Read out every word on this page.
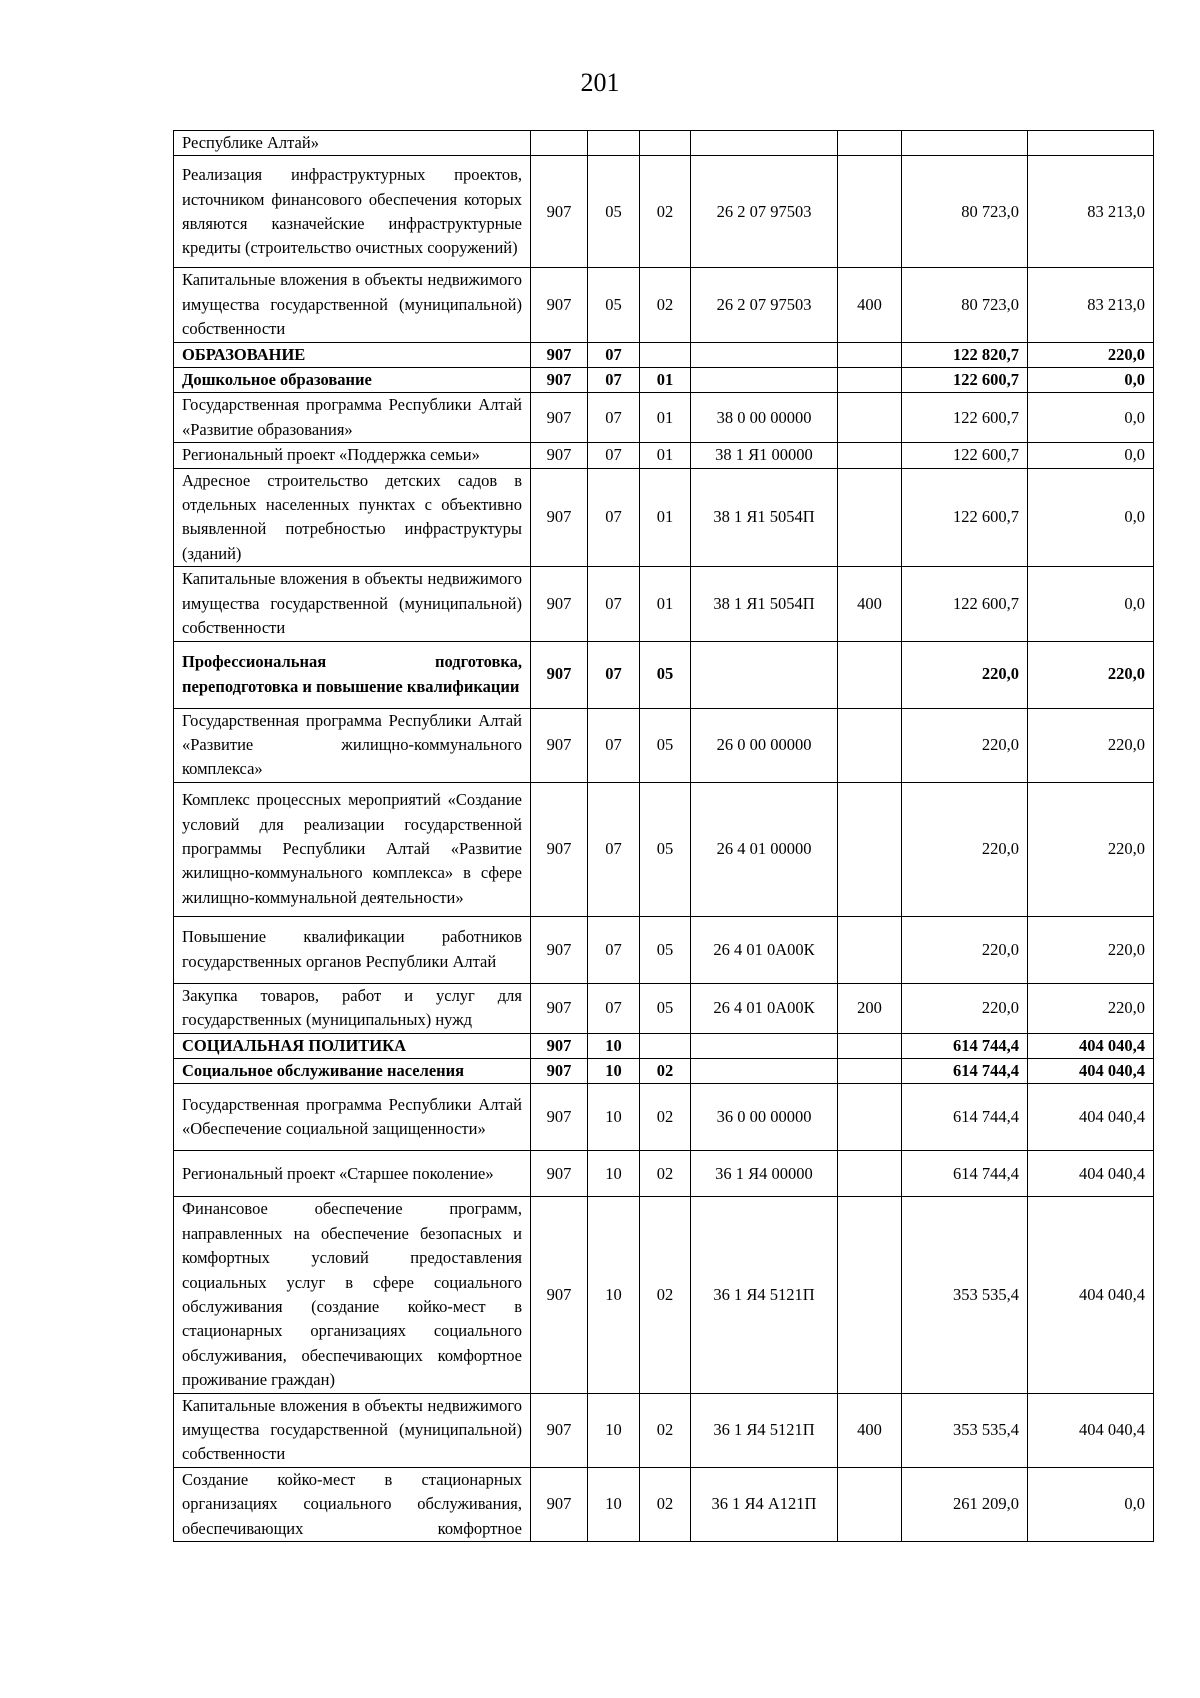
201
Республике Алтай»							
Реализация инфраструктурных проектов, источником финансового обеспечения которых являются казначейские инфраструктурные кредиты (строительство очистных сооружений)	907	05	02	26 2 07 97503		80 723,0	83 213,0
Капитальные вложения в объекты недвижимого имущества государственной (муниципальной) собственности	907	05	02	26 2 07 97503	400	80 723,0	83 213,0
ОБРАЗОВАНИЕ	907	07				122 820,7	220,0
Дошкольное образование	907	07	01			122 600,7	0,0
Государственная программа Республики Алтай «Развитие образования»	907	07	01	38 0 00 00000		122 600,7	0,0
Региональный проект «Поддержка семьи»	907	07	01	38 1 Я1 00000		122 600,7	0,0
Адресное строительство детских садов в отдельных населенных пунктах с объективно выявленной потребностью инфраструктуры (зданий)	907	07	01	38 1 Я1 5054П		122 600,7	0,0
Капитальные вложения в объекты недвижимого имущества государственной (муниципальной) собственности	907	07	01	38 1 Я1 5054П	400	122 600,7	0,0
Профессиональная подготовка, переподготовка и повышение квалификации	907	07	05			220,0	220,0
Государственная программа Республики Алтай «Развитие жилищно-коммунального комплекса»	907	07	05	26 0 00 00000		220,0	220,0
Комплекс процессных мероприятий «Создание условий для реализации государственной программы Республики Алтай «Развитие жилищно-коммунального комплекса» в сфере жилищно-коммунальной деятельности»	907	07	05	26 4 01 00000		220,0	220,0
Повышение квалификации работников государственных органов Республики Алтай	907	07	05	26 4 01 0А00К		220,0	220,0
Закупка товаров, работ и услуг для государственных (муниципальных) нужд	907	07	05	26 4 01 0А00К	200	220,0	220,0
СОЦИАЛЬНАЯ ПОЛИТИКА	907	10				614 744,4	404 040,4
Социальное обслуживание населения	907	10	02			614 744,4	404 040,4
Государственная программа Республики Алтай «Обеспечение социальной защищенности»	907	10	02	36 0 00 00000		614 744,4	404 040,4
Региональный проект «Старшее поколение»	907	10	02	36 1 Я4 00000		614 744,4	404 040,4
Финансовое обеспечение программ, направленных на обеспечение безопасных и комфортных условий предоставления социальных услуг в сфере социального обслуживания (создание койко-мест в стационарных организациях социального обслуживания, обеспечивающих комфортное проживание граждан)	907	10	02	36 1 Я4 5121П		353 535,4	404 040,4
Капитальные вложения в объекты недвижимого имущества государственной (муниципальной) собственности	907	10	02	36 1 Я4 5121П	400	353 535,4	404 040,4
Создание койко-мест в стационарных организациях социального обслуживания, обеспечивающих комфортное	907	10	02	36 1 Я4 А121П		261 209,0	0,0
